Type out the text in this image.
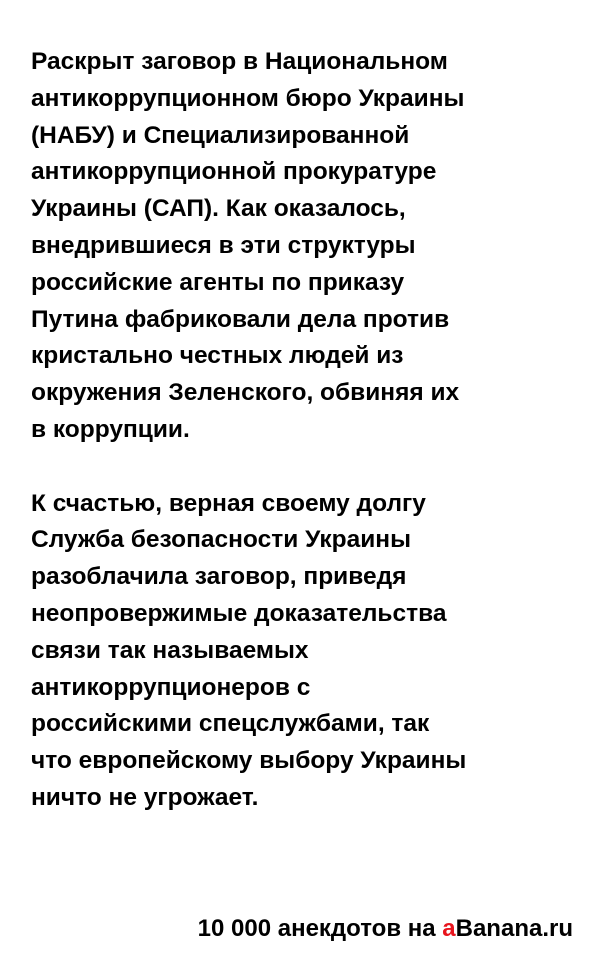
Раскрыт заговор в Национальном
антикоррупционном бюро Украины
(НАБУ) и Специализированной
антикоррупционной прокуратуре
Украины (САП). Как оказалось,
внедрившиеся в эти структуры
российские агенты по приказу
Путина фабриковали дела против
кристально честных людей из
окружения Зеленского, обвиняя их
в коррупции.
К счастью, верная своему долгу
Служба безопасности Украины
разоблачила заговор, приведя
неопровержимые доказательства
связи так называемых
антикоррупционеров с
российскими спецслужбами, так
что европейскому выбору Украины
ничто не угрожает.
10 000 анекдотов на aBanana.ru
